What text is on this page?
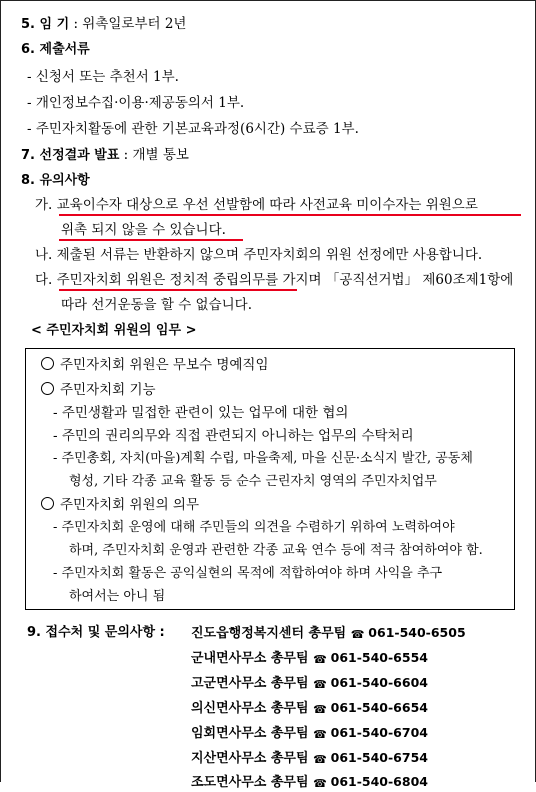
5. 임 기 : 위촉일로부터 2년
6. 제출서류
- 신청서 또는 추천서 1부.
- 개인정보수집·이용·제공동의서 1부.
- 주민자치활동에 관한 기본교육과정(6시간) 수료증 1부.
7. 선정결과 발표 : 개별 통보
8. 유의사항
가. 교육이수자 대상으로 우선 선발함에 따라 사전교육 미이수자는 위원으로
위촉 되지 않을 수 있습니다.
나. 제출된 서류는 반환하지 않으며 주민자치회의 위원 선정에만 사용합니다.
다. 주민자치회 위원은 정치적 중립의무를 가지며 「공직선거법」 제60조제1항에
따라 선거운동을 할 수 없습니다.
< 주민자치회 위원의 임무 >
주민자치회 위원은 무보수 명예직임
주민자치회 기능
- 주민생활과 밀접한 관련이 있는 업무에 대한 협의
- 주민의 권리의무와 직접 관련되지 아니하는 업무의 수탁처리
- 주민총회, 자치(마을)계획 수립, 마을축제, 마을 신문·소식지 발간, 공동체
형성, 기타 각종 교육 활동 등 순수 근린자치 영역의 주민자치업무
주민자치회 위원의 의무
- 주민자치회 운영에 대해 주민들의 의견을 수렴하기 위하여 노력하여야
하며, 주민자치회 운영과 관련한 각종 교육 연수 등에 적극 참여하여야 함.
- 주민자치회 활동은 공익실현의 목적에 적합하여야 하며 사익을 추구
하여서는 아니 됨
9. 접수처 및 문의사항 :	진도읍행정복지센터 총무팀 ☎ 061-540-6505
군내면사무소 총무팀 ☎ 061-540-6554
고군면사무소 총무팀 ☎ 061-540-6604
의신면사무소 총무팀 ☎ 061-540-6654
임회면사무소 총무팀 ☎ 061-540-6704
지산면사무소 총무팀 ☎ 061-540-6754
조도면사무소 총무팀 ☎ 061-540-6804
